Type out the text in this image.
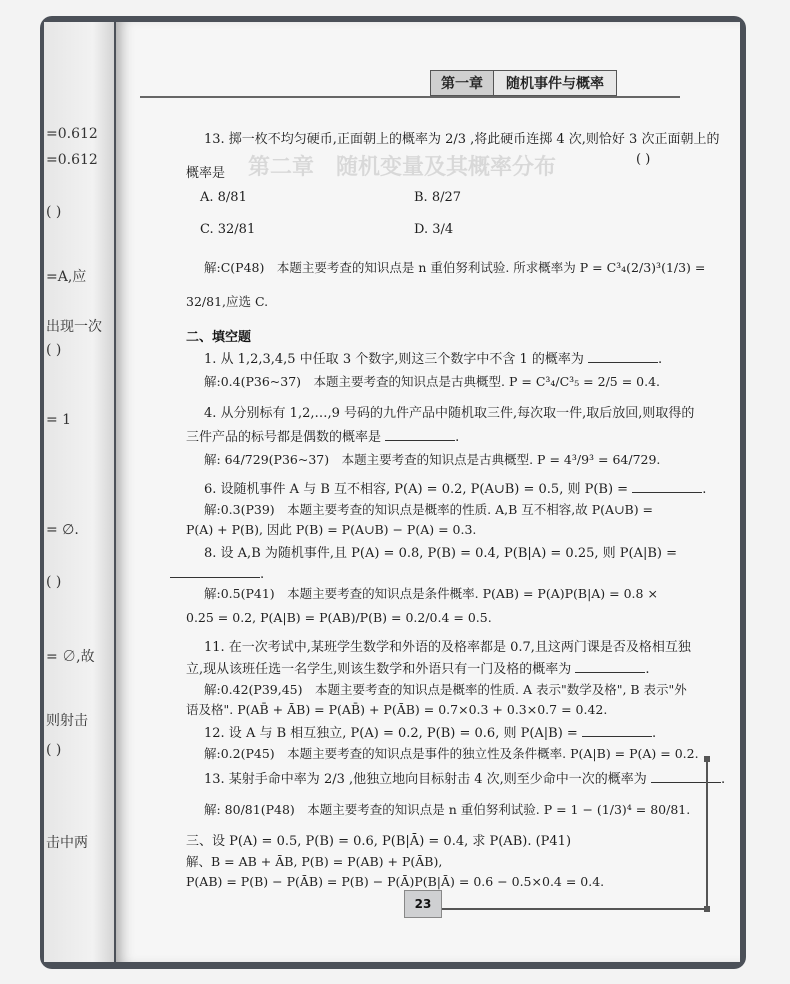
=0.612
=0.612
( )
=A,应
出现一次
( )
= 1
= ∅.
( )
= ∅,故
则射击
( )
击中两
第二章　随机变量及其概率分布
第一章	随机事件与概率
13. 掷一枚不均匀硬币,正面朝上的概率为 2/3 ,将此硬币连掷 4 次,则恰好 3 次正面朝上的
概率是
( )
A. 8/81	B. 8/27
C. 32/81	D. 3/4
解:C(P48)　本题主要考查的知识点是 n 重伯努利试验. 所求概率为 P = C³₄(2/3)³(1/3) =
32/81,应选 C.
二、填空题
1. 从 1,2,3,4,5 中任取 3 个数字,则这三个数字中不含 1 的概率为	.
解:0.4(P36~37)　本题主要考查的知识点是古典概型. P = C³₄/C³₅ = 2/5 = 0.4.
4. 从分别标有 1,2,…,9 号码的九件产品中随机取三件,每次取一件,取后放回,则取得的
三件产品的标号都是偶数的概率是	.
解: 64/729(P36~37)　本题主要考查的知识点是古典概型. P = 4³/9³ = 64/729.
6. 设随机事件 A 与 B 互不相容, P(A) = 0.2, P(A∪B) = 0.5, 则 P(B) =	.
解:0.3(P39)　本题主要考查的知识点是概率的性质. A,B 互不相容,故 P(A∪B) =
P(A) + P(B), 因此 P(B) = P(A∪B) − P(A) = 0.3.
8. 设 A,B 为随机事件,且 P(A) = 0.8, P(B) = 0.4, P(B|A) = 0.25, 则 P(A|B) =
.
解:0.5(P41)　本题主要考查的知识点是条件概率. P(AB) = P(A)P(B|A) = 0.8 ×
0.25 = 0.2, P(A|B) = P(AB)/P(B) = 0.2/0.4 = 0.5.
11. 在一次考试中,某班学生数学和外语的及格率都是 0.7,且这两门课是否及格相互独
立,现从该班任选一名学生,则该生数学和外语只有一门及格的概率为	.
解:0.42(P39,45)　本题主要考查的知识点是概率的性质. A 表示"数学及格", B 表示"外
语及格". P(AB̄ + ĀB) = P(AB̄) + P(ĀB) = 0.7×0.3 + 0.3×0.7 = 0.42.
12. 设 A 与 B 相互独立, P(A) = 0.2, P(B) = 0.6, 则 P(A|B) =	.
解:0.2(P45)　本题主要考查的知识点是事件的独立性及条件概率. P(A|B) = P(A) = 0.2.
13. 某射手命中率为 2/3 ,他独立地向目标射击 4 次,则至少命中一次的概率为	.
解: 80/81(P48)　本题主要考查的知识点是 n 重伯努利试验. P = 1 − (1/3)⁴ = 80/81.
三、设 P(A) = 0.5, P(B) = 0.6, P(B|Ā) = 0.4, 求 P(AB). (P41)
解、B = AB + ĀB, P(B) = P(AB) + P(ĀB),
P(AB) = P(B) − P(ĀB) = P(B) − P(Ā)P(B|Ā) = 0.6 − 0.5×0.4 = 0.4.
23
